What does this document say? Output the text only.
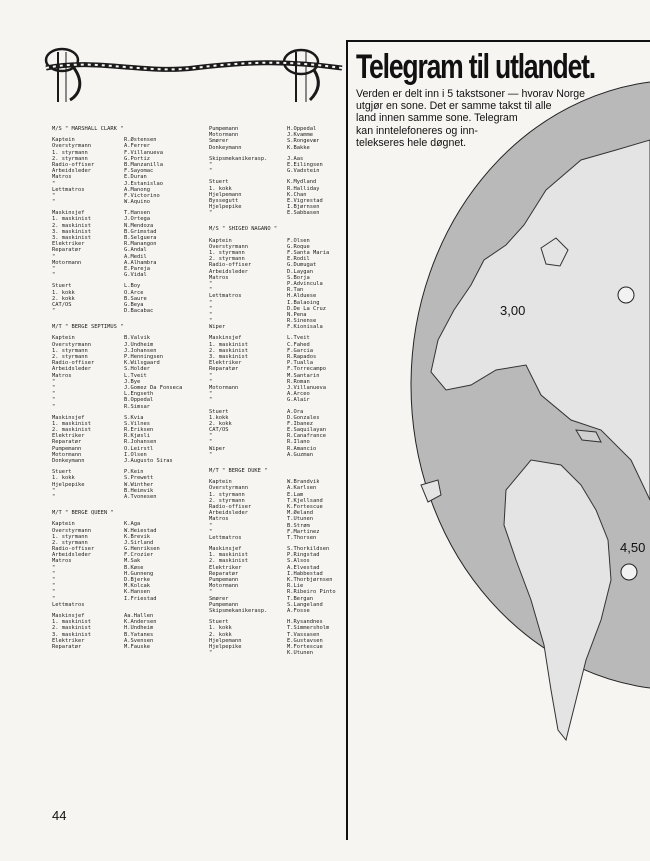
M/S " MARSHALL CLARK "
Kaptein	R.Østensen
Overstyrmann	A.Ferrer
1. styrmann	F.Villanueva
2. styrmann	G.Portiz
Radio-offiser	B.Manzanilla
Arbeidsleder	F.Sayomac
Matros	E.Duran
"	J.Estanislao
Lettmatros	A.Manong
"	F.Victorino
"	W.Aquino
Maskinsjef	T.Hansen
1. maskinist	J.Ortega
2. maskinist	N.Mendoza
3. maskinist	B.Grimstad
3. maskinist	B.Selguera
Elektriker	R.Manangon
Reparatør	G.Andal
"	A.Medil
Motormann	A.Alhambra
"	E.Pareja
"	G.Vidal
Stuert	L.Boy
1. kokk	O.Arce
2. kokk	B.Saure
CAT/OS	G.Beya
"	D.Bacabac
M/T " BERGE SEPTIMUS "
Kaptein	B.Valvik
Overstyrmann	J.Undheim
1. styrmann	J.Johansen
2. styrmann	P.Henningsen
Radio-offiser	K.Wilsgaard
Arbeidsleder	S.Holder
Matros	L.Tveit
"	J.Bye
"	J.Gomez Da Fonseca
"	L.Engseth
"	B.Oppedal
"	R.Simsar
Maskinsjef	S.Kvia
1. maskinist	S.Vilnes
2. maskinist	R.Eriksen
Elektriker	R.Kjøsli
Reparatør	R.Johansen
Pumpemann	O.Leirstl
Motormann	I.Olsen
Donkeymann	J.Augusto Siras
Stuert	P.Kein
1. kokk	S.Prewett
Hjelpepike	W.Winther
"	B.Heimvik
"	A.Tvonesen
M/T " BERGE QUEEN "
Kaptein	K.Aga
Overstyrmann	W.Heiestad
1. styrmann	K.Brevik
2. styrmann	J.Sirland
Radio-offiser	G.Henriksen
Arbeidsleder	F.Crozier
Matros	M.Sak
"	B.Køse
"	H.Gunneng
"	D.Bjerke
"	M.Kolcak
"	K.Hansen
"	I.Friestad
Lettmatros
Maskinsjef	Aa.Hallen
1. maskinist	K.Andersen
2. maskinist	H.Undheim
3. maskinist	B.Yatanes
Elektriker	A.Svensen
Reparatør	M.Fauske
Pumpemann	H.Oppedal
Motormann	J.Kvamme
Smører	S.Rongevær
Donkeymann	K.Bakke
Skipsmekanikerasp.	J.Aas
"	E.Eilingsen
"	G.Vadstein
Stuert	K.Mydland
1. kokk	R.Halliday
Hjelpemann	K.Chan
Byssegutt	E.Vigrestad
Hjelpepike	I.Bjørnsen
"	E.Sabbasen
M/S " SHIGEO NAGANO "
Kaptein	F.Olsen
Overstyrmann	G.Roque
1. styrmann	F.Santa Maria
2. styrmann	E.Rodil
Radio-offiser	G.Dumugat
Arbeidsleder	D.Laygan
Matros	S.Borja
"	P.Advincula
"	R.Tan
Lettmatros	H.Alduese
"	I.Balaoing
"	D.De La Cruz
"	N.Pena
"	R.Sinense
Wiper	F.Kionisala
Maskinsjef	L.Tveit
1. maskinist	C.Fahed
2. maskinist	F.Garcia
3. maskinist	R.Rapados
Elektriker	P.Tualla
Reparatør	F.Torrecampo
"	M.Santarin
"	R.Roman
Motormann	J.Villanueva
"	A.Arceo
"	G.Alair
Stuert	A.Ora
1.kokk	D.Gonzales
2. kokk	F.Ibanez
CAT/OS	E.Saquilayan
"	R.Canafrance
"	R.Ilano
Wiper	R.Amancio
"	A.Guzman
M/T " BERGE DUKE "
Kaptein	W.Brandvik
Overstyrmann	A.Karlsen
1. styrmann	E.Lam
2. styrmann	T.Kjellsand
Radio-offiser	K.Fortescue
Arbeidsleder	M.Øeland
Matros	T.Utunen
"	B.Strøm
"	F.Martinez
Lettmatros	T.Thorsen
Maskinsjef	S.Thorkildsen
1. maskinist	P.Ringstad
2. maskinist	S.Alsos
Elektriker	A.Elvestad
Reparatør	I.Habbestad
Pumpemann	K.Thorbjørnsen
Motormann	R.Lie
"	R.Ribeiro Pinto
Smører	T.Bergan
Pumpemann	S.Langeland
Skipsmekanikerasp.	A.Fosse
Stuert	H.Rysandnes
1. kokk	T.Simmersholm
2. kokk	T.Vassasen
Hjelpemann	E.Gustavsen
Hjelpepike	M.Fortescue
"	K.Utunen
Telegram til utlandet.
Verden er delt inn i 5 takstsoner — hvorav Norge
utgjør en sone. Det er samme takst til alle
land innen samme sone. Telegram
kan inntelefoneres og inn-
telekseres hele døgnet.
3,00
4,50
44
